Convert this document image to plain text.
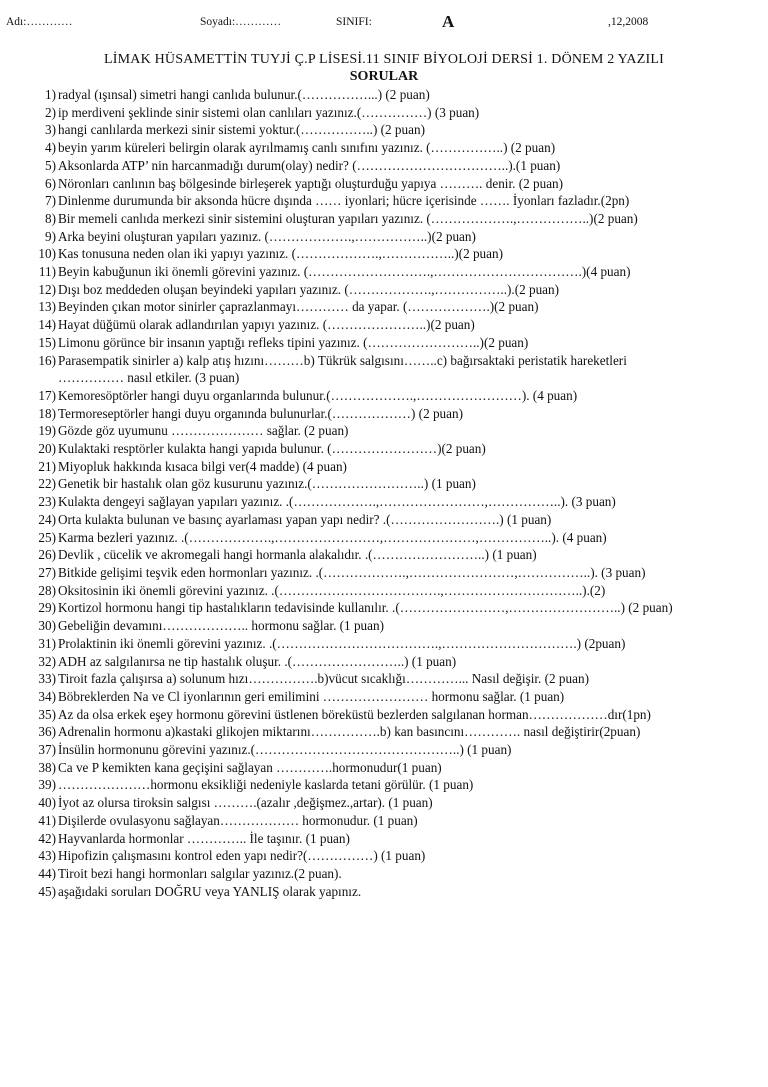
Adı:…………	Soyadı:…………	SINIFI:	A	,12,2008
LİMAK HÜSAMETTİN TUYJİ Ç.P LİSESİ.11 SINIF BİYOLOJİ DERSİ 1. DÖNEM 2 YAZILI
SORULAR
1) radyal (ışınsal) simetri hangi canlıda bulunur.(……………...) (2 puan)
2) ip merdiveni şeklinde sinir sistemi olan canlıları yazınız.(……………) (3 puan)
3) hangi canlılarda merkezi sinir sistemi yoktur.(……………..) (2 puan)
4) beyin yarım küreleri belirgin olarak ayrılmamış canlı sınıfını yazınız. (……………..) (2 puan)
5) Aksonlarda ATP’ nin harcanmadığı durum(olay) nedir? (……………………………..).(1 puan)
6) Nöronları canlının baş bölgesinde birleşerek yaptığı oluşturduğu yapıya ………. denir. (2 puan)
7) Dinlenme durumunda bir aksonda hücre dışında …… iyonlari; hücre içerisinde ……. İyonları fazladır.(2pn)
8) Bir memeli canlıda merkezi sinir sistemini oluşturan yapıları yazınız. (……………….,……………..)(2 puan)
9) Arka beyini oluşturan yapıları yazınız. (……………….,……………..)(2 puan)
10) Kas tonusuna neden olan iki yapıyı yazınız. (……………….,……………..)(2 puan)
11) Beyin kabuğunun iki önemli görevini yazınız. (……………………….,…………………………….)(4 puan)
12) Dışı boz meddeden oluşan beyindeki yapıları yazınız. (……………….,……………..).(2 puan)
13) Beyinden çıkan motor sinirler çaprazlanmayı………… da yapar. (……………….)(2 puan)
14) Hayat düğümü olarak adlandırılan yapıyı yazınız. (…………………..)(2 puan)
15) Limonu görünce bir insanın yaptığı refleks tipini yazınız. (……………………..)(2 puan)
16) Parasempatik sinirler a) kalp atış hızını………b) Tükrük salgısını……..c) bağırsaktaki peristatik hareketleri
…………… nasıl etkiler. (3 puan)
17) Kemoresöptörler hangi duyu organlarında bulunur.(……………….,……………………). (4 puan)
18) Termoreseptörler hangi duyu organında bulunurlar.(………………) (2 puan)
19) Gözde göz uyumunu ………………… sağlar. (2 puan)
20) Kulaktaki resptörler kulakta hangi yapıda bulunur. (……………………)(2 puan)
21) Miyopluk hakkında kısaca bilgi ver(4 madde) (4 puan)
22) Genetik bir hastalık olan göz kusurunu yazınız.(……………………..) (1 puan)
23) Kulakta dengeyi sağlayan yapıları yazınız. .(……………….,……………………,……………..). (3 puan)
24) Orta kulakta bulunan ve basınç ayarlaması yapan yapı nedir? .(…………………….) (1 puan)
25) Karma bezleri yazınız. .(……………….,……………………,…………………,……………..). (4 puan)
26) Devlik , cücelik ve akromegali hangi hormanla alakalıdır. .(……………………..) (1 puan)
27) Bitkide gelişimi teşvik eden hormonları yazınız. .(……………….,……………………,……………..). (3 puan)
28) Oksitosinin iki önemli görevini yazınız. .(……………………………….,…………………………..).(2)
29) Kortizol hormonu hangi tip hastalıkların tedavisinde kullanılır. .(……………………,……………………..) (2 puan)
30) Gebeliğin devamını……………….. hormonu sağlar. (1 puan)
31) Prolaktinin iki önemli görevini yazınız. .(……………………………….,………………………….) (2puan)
32) ADH az salgılanırsa ne tip hastalık oluşur. .(……………………..) (1 puan)
33) Tiroit fazla çalışırsa a) solunum hızı…………….b)vücut sıcaklığı…………... Nasıl değişir. (2 puan)
34) Böbreklerden Na ve Cl iyonlarının geri emilimini …………………… hormonu sağlar. (1 puan)
35) Az da olsa erkek eşey hormonu görevini üstlenen böreküstü bezlerden salgılanan horman………………dır(1pn)
36) Adrenalin hormonu a)kastaki glikojen miktarını…………….b) kan basıncını…………. nasıl değiştirir(2puan)
37) İnsülin hormonunu görevini yazınız.(………………………………………..) (1 puan)
38) Ca ve P kemikten kana geçişini sağlayan ………….hormonudur(1 puan)
39) …………………hormonu eksikliği nedeniyle kaslarda tetani görülür. (1 puan)
40) İyot az olursa tiroksin salgısı ……….(azalır ,değişmez.,artar). (1 puan)
41) Dişilerde ovulasyonu sağlayan……………… hormonudur. (1 puan)
42) Hayvanlarda hormonlar ………….. İle taşınır. (1 puan)
43) Hipofizin çalışmasını kontrol eden yapı nedir?(……………) (1 puan)
44) Tiroit bezi hangi hormonları salgılar yazınız.(2 puan).
45) aşağıdaki soruları DOĞRU veya YANLIŞ olarak yapınız.
